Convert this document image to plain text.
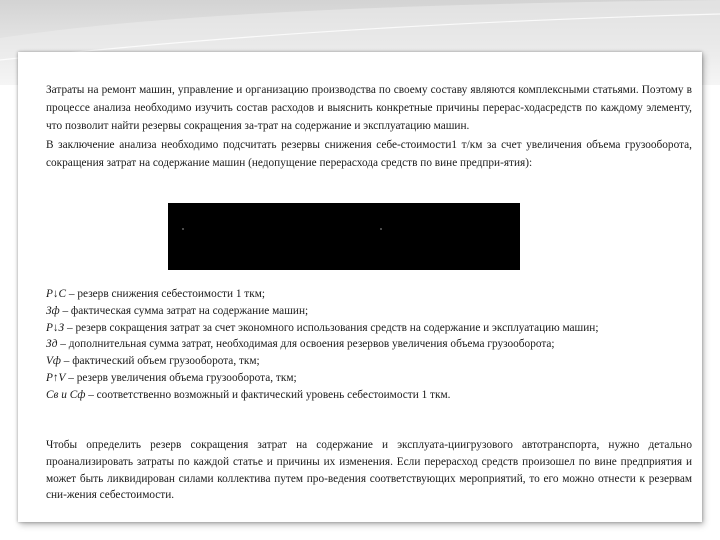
Затраты на ремонт машин, управление и организацию производства по своему составу являются комплексными статьями. Поэтому в процессе анализа необходимо изучить состав расходов и выяснить конкретные причины перерас-ходасредств по каждому элементу, что позволит найти резервы сокращения за-трат на содержание и эксплуатацию машин.

В заключение анализа необходимо подсчитать резервы снижения себе-стоимости1 т/км за счет увеличения объема грузооборота, сокращения затрат на содержание машин (недопущение перерасхода средств по вине предпри-ятия):

Р↓С – резерв снижения себестоимости 1 ткм;

Зф – фактическая сумма затрат на содержание машин;

Р↓З – резерв сокращения затрат за счет экономного использования средств на содержание и эксплуатацию машин;

Зд – дополнительная сумма затрат, необходимая для освоения резервов увеличения объема грузооборота;

Vф – фактический объем грузооборота, ткм;

Р↑V – резерв увеличения объема грузооборота, ткм;

Св и Сф – соответственно возможный и фактический уровень себестоимости 1 ткм.

Чтобы определить резерв сокращения затрат на содержание и эксплуата-циигрузового автотранспорта, нужно детально проанализировать затраты по каждой статье и причины их изменения. Если перерасход средств произошел по вине предприятия и может быть ликвидирован силами коллектива путем про-ведения соответствующих мероприятий, то его можно отнести к резервам сни-жения себестоимости.
